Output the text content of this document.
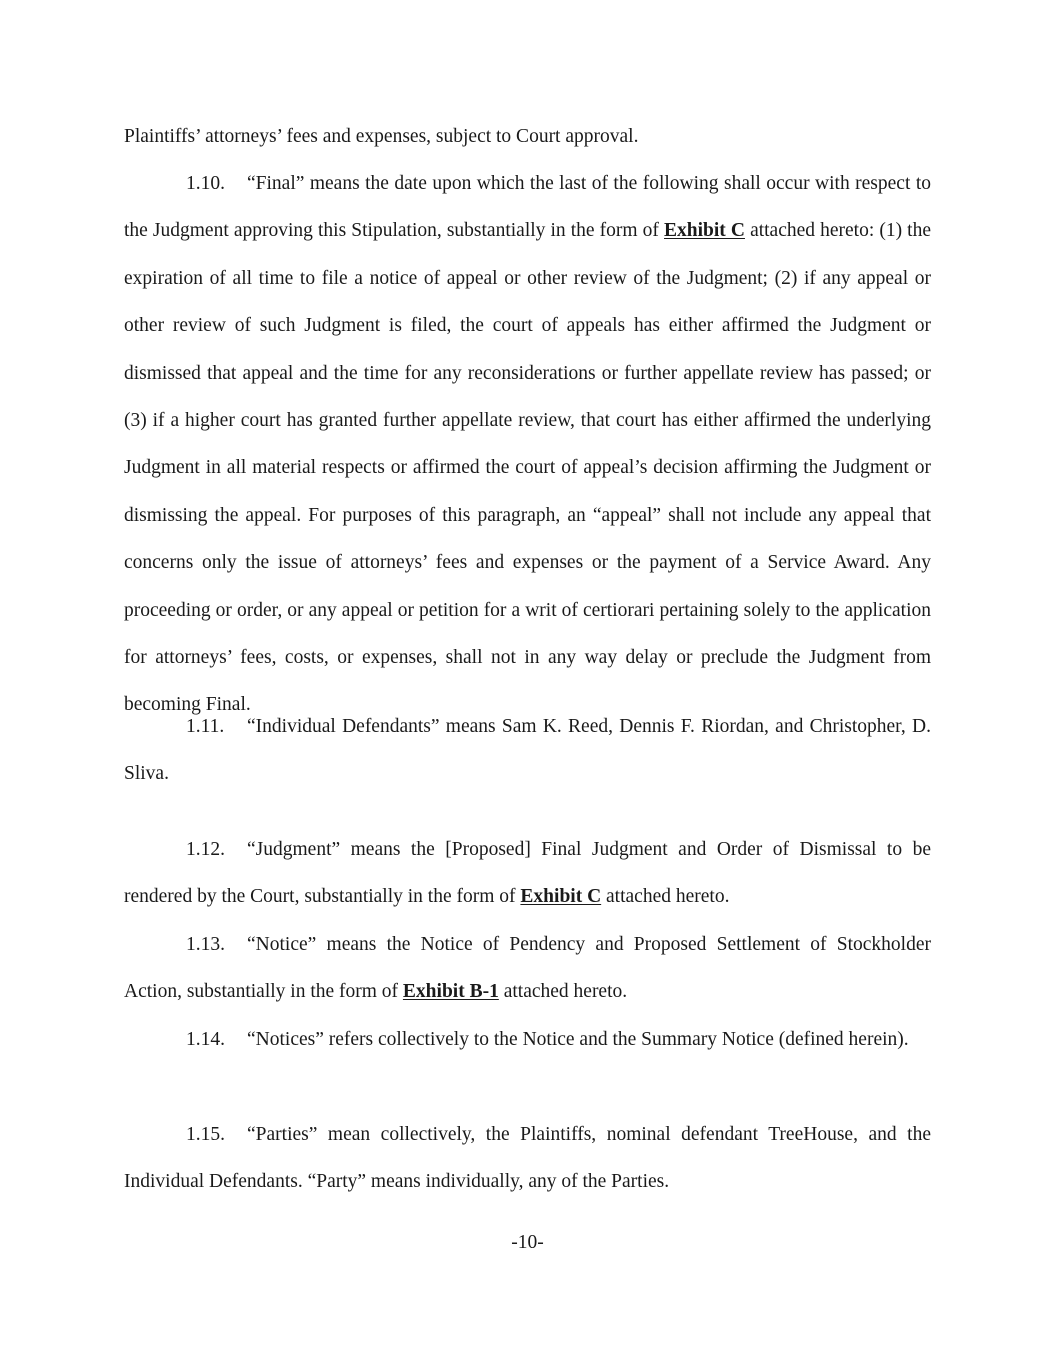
Plaintiffs’ attorneys’ fees and expenses, subject to Court approval.

1.10. “Final” means the date upon which the last of the following shall occur with respect to the Judgment approving this Stipulation, substantially in the form of Exhibit C attached hereto: (1) the expiration of all time to file a notice of appeal or other review of the Judgment; (2) if any appeal or other review of such Judgment is filed, the court of appeals has either affirmed the Judgment or dismissed that appeal and the time for any reconsiderations or further appellate review has passed; or (3) if a higher court has granted further appellate review, that court has either affirmed the underlying Judgment in all material respects or affirmed the court of appeal’s decision affirming the Judgment or dismissing the appeal. For purposes of this paragraph, an “appeal” shall not include any appeal that concerns only the issue of attorneys’ fees and expenses or the payment of a Service Award. Any proceeding or order, or any appeal or petition for a writ of certiorari pertaining solely to the application for attorneys’ fees, costs, or expenses, shall not in any way delay or preclude the Judgment from becoming Final.

1.11. “Individual Defendants” means Sam K. Reed, Dennis F. Riordan, and Christopher, D. Sliva.

1.12. “Judgment” means the [Proposed] Final Judgment and Order of Dismissal to be rendered by the Court, substantially in the form of Exhibit C attached hereto.

1.13. “Notice” means the Notice of Pendency and Proposed Settlement of Stockholder Action, substantially in the form of Exhibit B-1 attached hereto.

1.14. “Notices” refers collectively to the Notice and the Summary Notice (defined herein).

1.15. “Parties” mean collectively, the Plaintiffs, nominal defendant TreeHouse, and the Individual Defendants. “Party” means individually, any of the Parties.

-10-
